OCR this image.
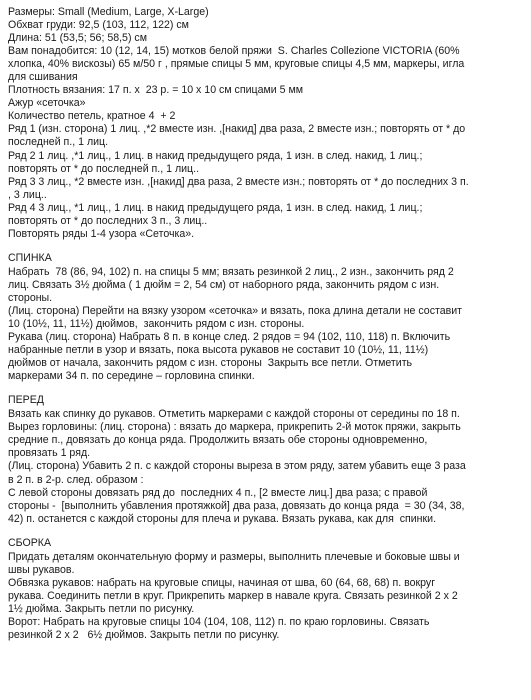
Размеры: Small (Medium, Large, X-Large)
Обхват груди: 92,5 (103, 112, 122) см
Длина: 51 (53,5; 56; 58,5) см
Вам понадобится: 10 (12, 14, 15) мотков белой пряжи  S. Charles Collezione VICTORIA (60%
хлопка, 40% вискозы) 65 м/50 г , прямые спицы 5 мм, круговые спицы 4,5 мм, маркеры, игла
для сшивания
Плотность вязания: 17 п. х  23 р. = 10 х 10 см спицами 5 мм
Ажур «сеточка»
Количество петель, кратное 4  + 2
Ряд 1 (изн. сторона) 1 лиц. ,*2 вместе изн. ,[накид] два раза, 2 вместе изн.; повторять от * до
последней п., 1 лиц.
Ряд 2 1 лиц. ,*1 лиц., 1 лиц. в накид предыдущего ряда, 1 изн. в след. накид, 1 лиц.;
повторять от * до последней п., 1 лиц..
Ряд 3 3 лиц., *2 вместе изн. ,[накид] два раза, 2 вместе изн.; повторять от * до последних 3 п.
, 3 лиц..
Ряд 4 3 лиц., *1 лиц., 1 лиц. в накид предыдущего ряда, 1 изн. в след. накид, 1 лиц.;
повторять от * до последних 3 п., 3 лиц..
Повторять ряды 1-4 узора «Сеточка».
СПИНКА
Набрать  78 (86, 94, 102) п. на спицы 5 мм; вязать резинкой 2 лиц., 2 изн., закончить ряд 2
лиц. Связать 3½ дюйма ( 1 дюйм = 2, 54 см) от наборного ряда, закончить рядом с изн.
стороны.
(Лиц. сторона) Перейти на вязку узором «сеточка» и вязать, пока длина детали не составит
10 (10½, 11, 11½) дюймов,  закончить рядом с изн. стороны.
Рукава (лиц. сторона) Набрать 8 п. в конце след. 2 рядов = 94 (102, 110, 118) п. Включить
набранные петли в узор и вязать, пока высота рукавов не составит 10 (10½, 11, 11½)
дюймов от начала, закончить рядом с изн. стороны  Закрыть все петли. Отметить
маркерами 34 п. по середине – горловина спинки.
ПЕРЕД
Вязать как спинку до рукавов. Отметить маркерами с каждой стороны от середины по 18 п.
Вырез горловины: (лиц. сторона) : вязать до маркера, прикрепить 2-й моток пряжи, закрыть
средние п., довязать до конца ряда. Продолжить вязать обе стороны одновременно,
провязать 1 ряд.
(Лиц. сторона) Убавить 2 п. с каждой стороны выреза в этом ряду, затем убавить еще 3 раза
в 2 п. в 2-р. след. образом :
С левой стороны довязать ряд до  последних 4 п., [2 вместе лиц.] два раза; с правой
стороны -  [выполнить убавления протяжкой] два раза, довязать до конца ряда  = 30 (34, 38,
42) п. останется с каждой стороны для плеча и рукава. Вязать рукава, как для  спинки.
СБОРКА
Придать деталям окончательную форму и размеры, выполнить плечевые и боковые швы и
швы рукавов.
Обвязка рукавов: набрать на круговые спицы, начиная от шва, 60 (64, 68, 68) п. вокруг
рукава. Соединить петли в круг. Прикрепить маркер в навале круга. Связать резинкой 2 х 2
1½ дюйма. Закрыть петли по рисунку.
Ворот: Набрать на круговые спицы 104 (104, 108, 112) п. по краю горловины. Связать
резинкой 2 х 2   6½ дюймов. Закрыть петли по рисунку.
